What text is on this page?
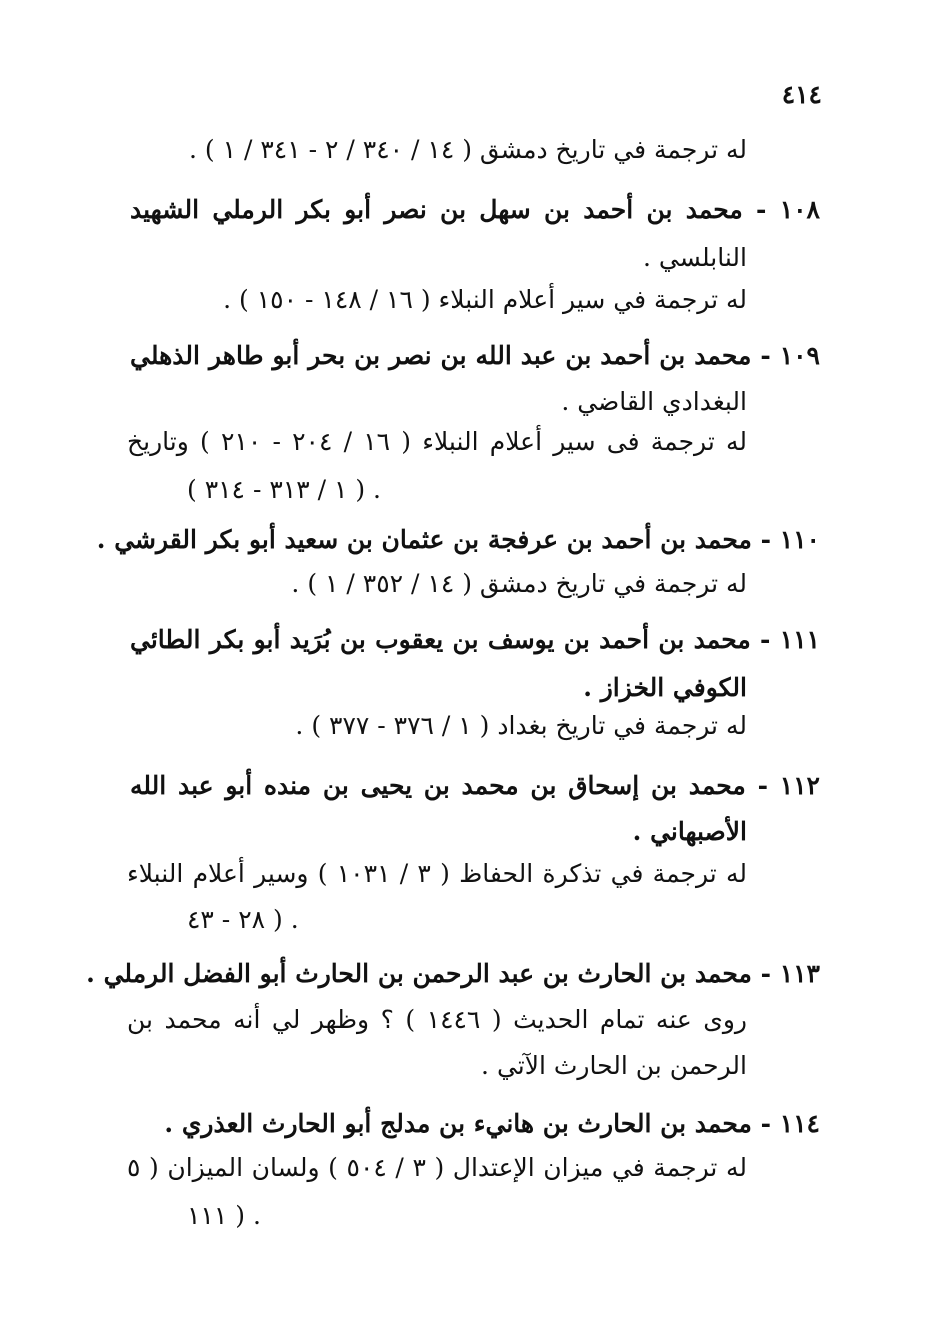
٤١٤

له ترجمة في تاريخ دمشق ( ١٤ / ٣٤٠ / ٢ - ٣٤١ / ١ ) .

١٠٨ - محمد بن أحمد بن سهل بن نصر أبو بكر الرملي الشهيد

النابلسي .

له ترجمة في سير أعلام النبلاء ( ١٦ / ١٤٨ - ١٥٠ ) .

١٠٩ - محمد بن أحمد بن عبد الله بن نصر بن بحر أبو طاهر الذهلي

البغدادي القاضي .

له ترجمة فى سير أعلام النبلاء ( ١٦ / ٢٠٤ - ٢١٠ ) وتاريخ

( ١ / ٣١٣ - ٣١٤ ) .

١١٠ - محمد بن أحمد بن عرفجة بن عثمان بن سعيد أبو بكر القرشي .

له ترجمة في تاريخ دمشق ( ١٤ / ٣٥٢ / ١ ) .

١١١ - محمد بن أحمد بن يوسف بن يعقوب بن بُرَيد أبو بكر الطائي

الكوفي الخزاز .

له ترجمة في تاريخ بغداد ( ١ / ٣٧٦ - ٣٧٧ ) .

١١٢ - محمد بن إسحاق بن محمد بن يحيى بن منده أبو عبد الله

الأصبهاني .

له ترجمة في تذكرة الحفاظ ( ٣ / ١٠٣١ ) وسير أعلام النبلاء

٢٨ - ٤٣ ) .

١١٣ - محمد بن الحارث بن عبد الرحمن بن الحارث أبو الفضل الرملي .

روى عنه تمام الحديث ( ١٤٤٦ ) ؟ وظهر لي أنه محمد بن

الرحمن بن الحارث الآتي .

١١٤ - محمد بن الحارث بن هانيء بن مدلج أبو الحارث العذري .

له ترجمة في ميزان الإعتدال ( ٣ / ٥٠٤ ) ولسان الميزان ( ٥

١١١ ) .
